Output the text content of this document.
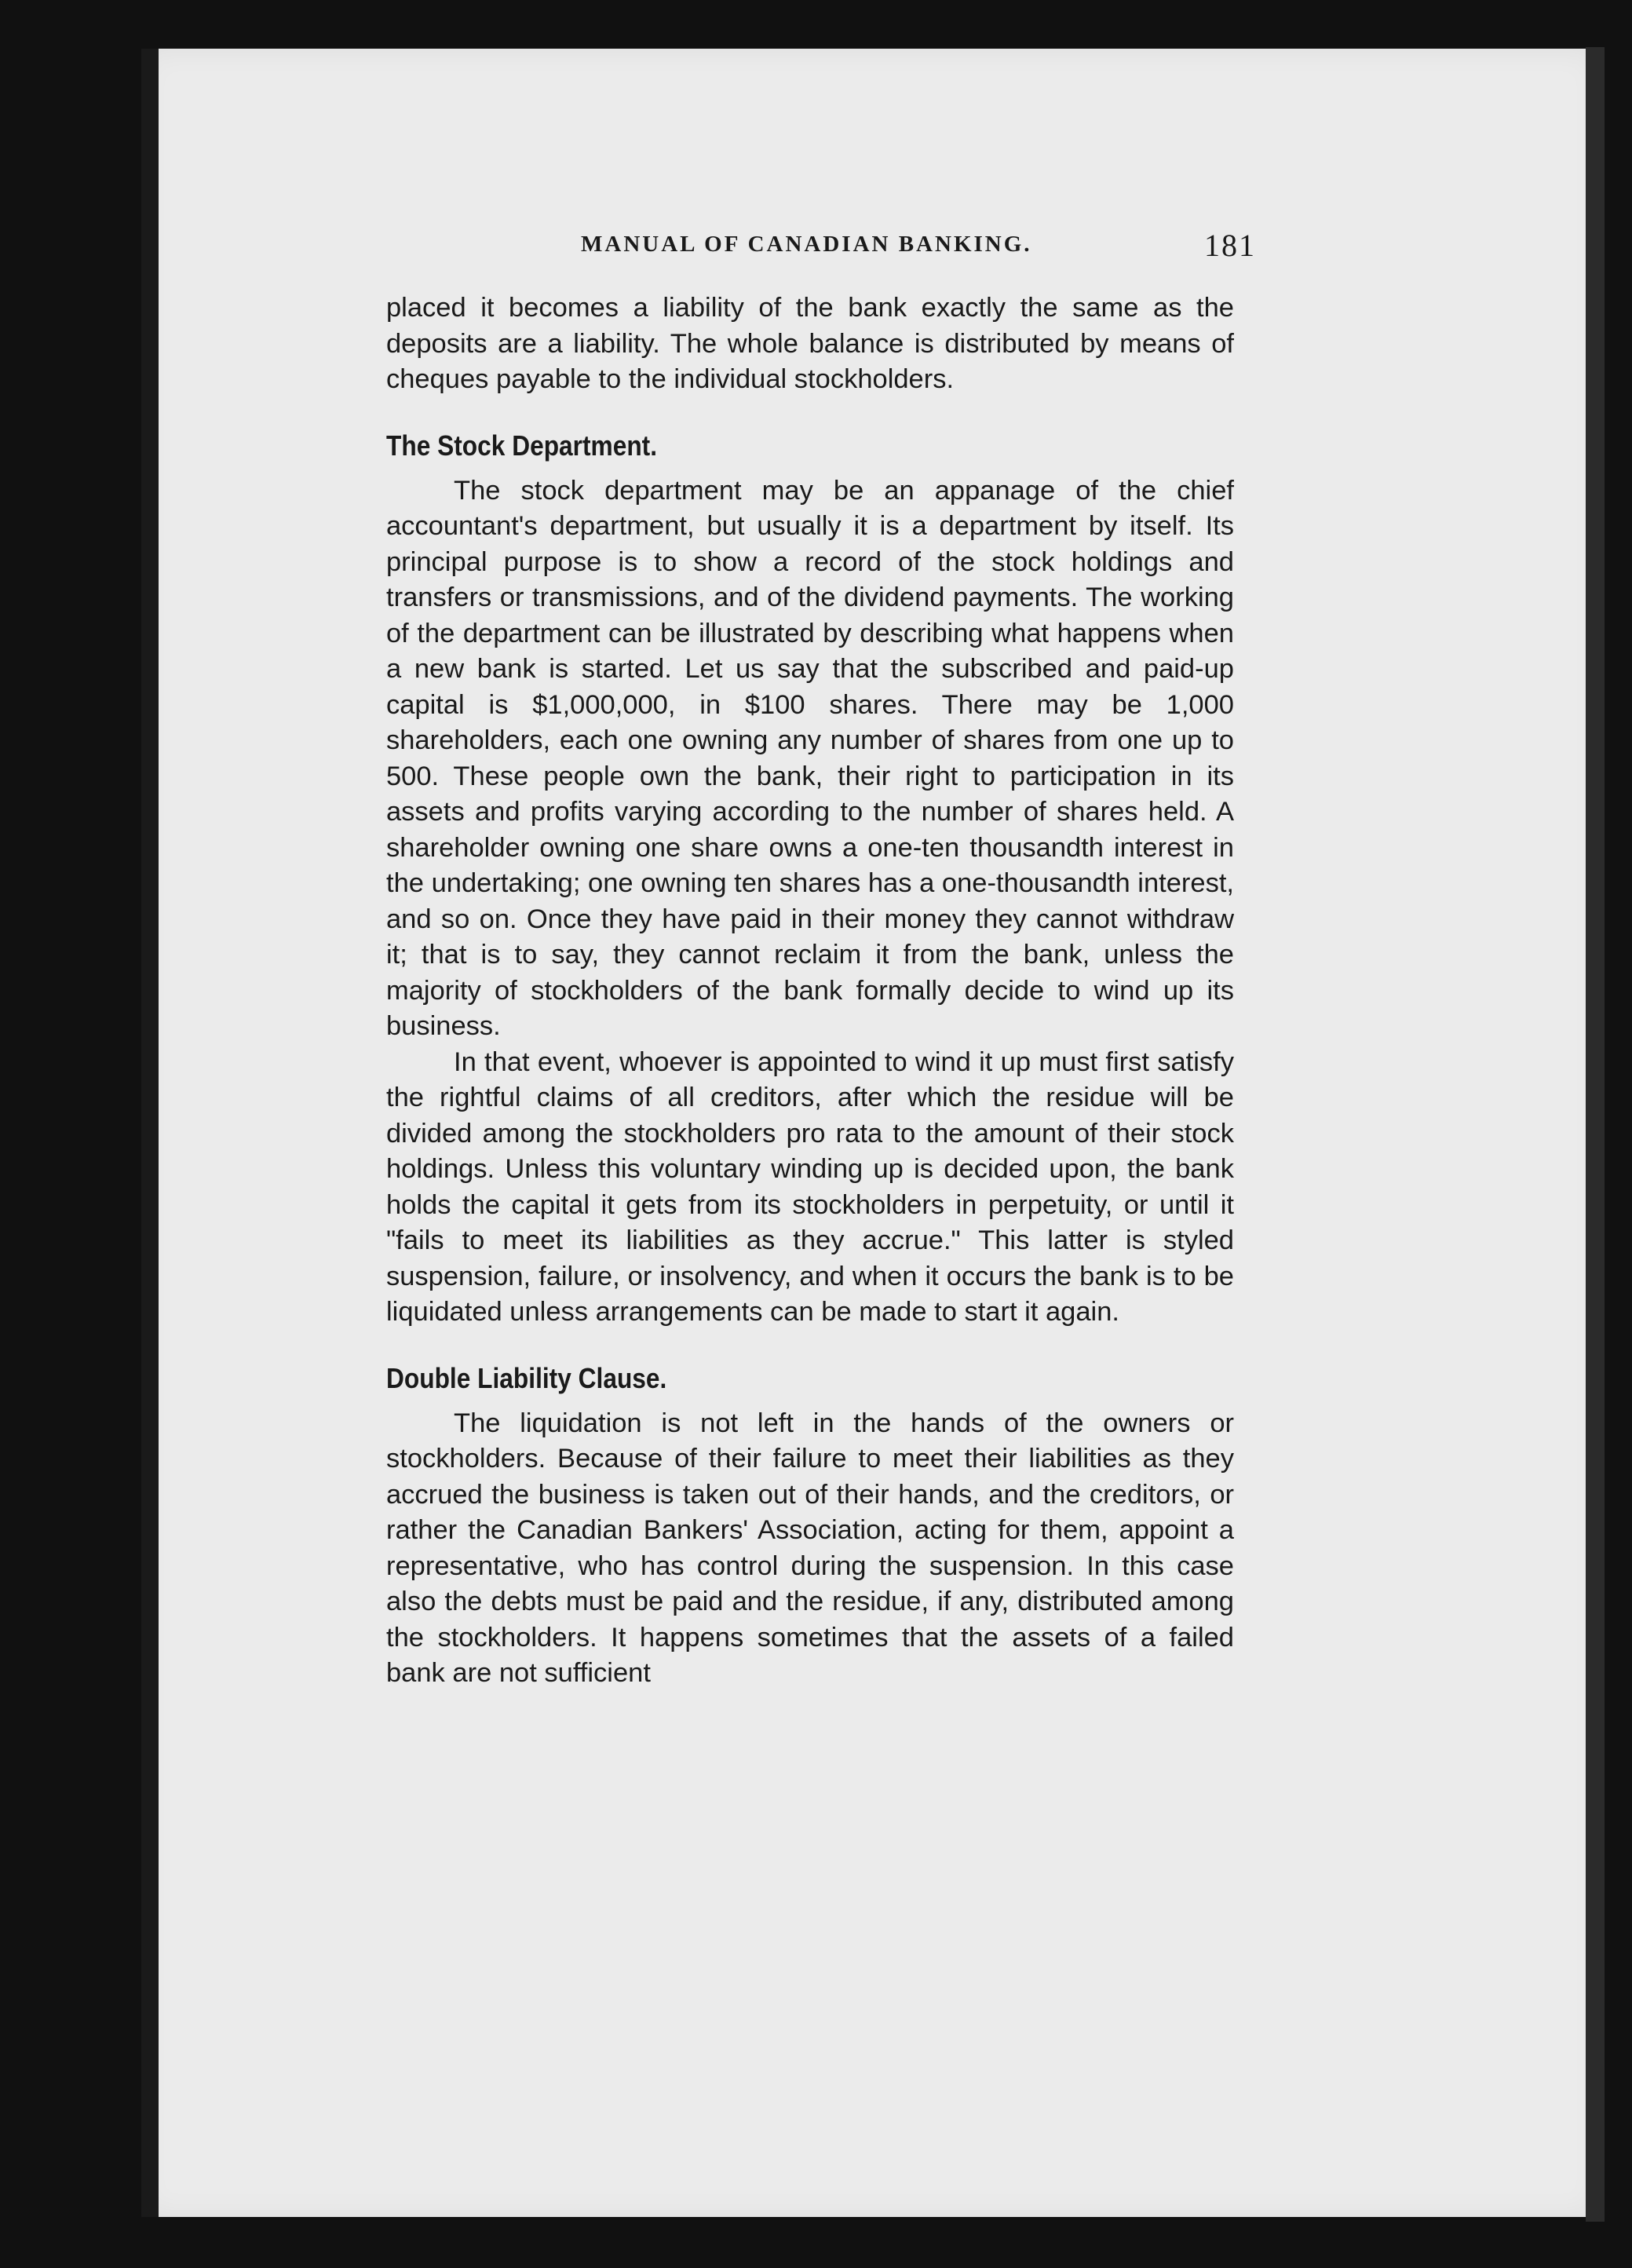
MANUAL OF CANADIAN BANKING.	181

placed it becomes a liability of the bank exactly the same as the deposits are a liability. The whole balance is distributed by means of cheques payable to the individual stockholders.

The Stock Department.

The stock department may be an appanage of the chief accountant's department, but usually it is a department by itself. Its principal purpose is to show a record of the stock holdings and transfers or transmissions, and of the dividend payments. The working of the department can be illustrated by describing what happens when a new bank is started. Let us say that the subscribed and paid-up capital is $1,000,000, in $100 shares. There may be 1,000 shareholders, each one owning any number of shares from one up to 500. These people own the bank, their right to participation in its assets and profits varying according to the number of shares held. A shareholder owning one share owns a one-ten thousandth interest in the undertaking; one owning ten shares has a one-thousandth interest, and so on. Once they have paid in their money they cannot withdraw it; that is to say, they cannot reclaim it from the bank, unless the majority of stockholders of the bank formally decide to wind up its business.

In that event, whoever is appointed to wind it up must first satisfy the rightful claims of all creditors, after which the residue will be divided among the stockholders pro rata to the amount of their stock holdings. Unless this voluntary winding up is decided upon, the bank holds the capital it gets from its stockholders in perpetuity, or until it "fails to meet its liabilities as they accrue." This latter is styled suspension, failure, or insolvency, and when it occurs the bank is to be liquidated unless arrangements can be made to start it again.

Double Liability Clause.

The liquidation is not left in the hands of the owners or stockholders. Because of their failure to meet their liabilities as they accrued the business is taken out of their hands, and the creditors, or rather the Canadian Bankers' Association, acting for them, appoint a representative, who has control during the suspension. In this case also the debts must be paid and the residue, if any, distributed among the stockholders. It happens sometimes that the assets of a failed bank are not sufficient
